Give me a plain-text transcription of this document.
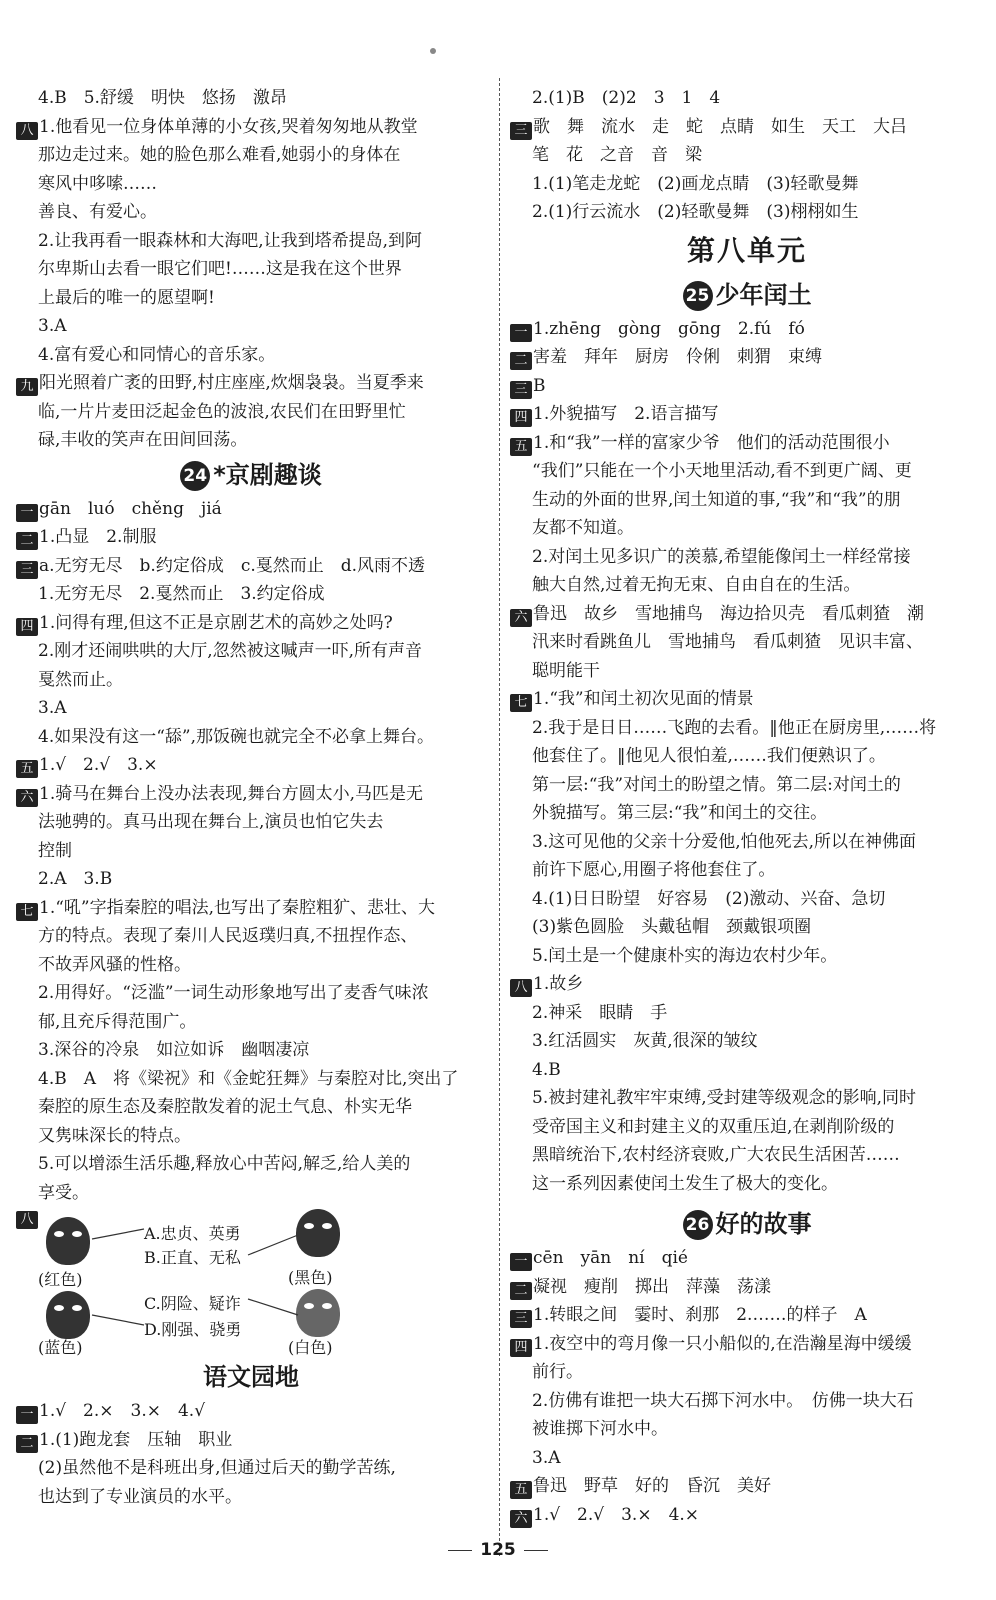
4.B　5.舒缓　明快　悠扬　激昂
八 1.他看见一位身体单薄的小女孩,哭着匆匆地从教堂
那边走过来。她的脸色那么难看,她弱小的身体在
寒风中哆嗦……
善良、有爱心。
2.让我再看一眼森林和大海吧,让我到塔希提岛,到阿
尔卑斯山去看一眼它们吧!……这是我在这个世界
上最后的唯一的愿望啊!
3.A
4.富有爱心和同情心的音乐家。
九 阳光照着广袤的田野,村庄座座,炊烟袅袅。当夏季来
临,一片片麦田泛起金色的波浪,农民们在田野里忙
碌,丰收的笑声在田间回荡。
24 *京剧趣谈
一 gān　luó　chěng　jiá
二 1.凸显　2.制服
三 a.无穷无尽　b.约定俗成　c.戛然而止　d.风雨不透
1.无穷无尽　2.戛然而止　3.约定俗成
四 1.问得有理,但这不正是京剧艺术的高妙之处吗?
2.刚才还闹哄哄的大厅,忽然被这喊声一吓,所有声音
戛然而止。
3.A
4.如果没有这一“舔”,那饭碗也就完全不必拿上舞台。
五 1.√　2.√　3.×
六 1.骑马在舞台上没办法表现,舞台方圆太小,马匹是无
法驰骋的。真马出现在舞台上,演员也怕它失去
控制
2.A　3.B
七 1.“吼”字指秦腔的唱法,也写出了秦腔粗犷、悲壮、大
方的特点。表现了秦川人民返璞归真,不扭捏作态、
不故弄风骚的性格。
2.用得好。“泛滥”一词生动形象地写出了麦香气味浓
郁,且充斥得范围广。
3.深谷的冷泉　如泣如诉　幽咽凄凉
4.B　A　将《梁祝》和《金蛇狂舞》与秦腔对比,突出了
秦腔的原生态及秦腔散发着的泥土气息、朴实无华
又隽味深长的特点。
5.可以增添生活乐趣,释放心中苦闷,解乏,给人美的
享受。
八
(红色)
(蓝色)
A.忠贞、英勇
B.正直、无私
C.阴险、疑诈
D.刚强、骁勇
(黑色)
(白色)
语文园地
一 1.√　2.×　3.×　4.√
二 1.(1)跑龙套　压轴　职业
(2)虽然他不是科班出身,但通过后天的勤学苦练,
也达到了专业演员的水平。
2.(1)B　(2)2　3　1　4
三 歌　舞　流水　走　蛇　点睛　如生　天工　大吕
笔　花　之音　音　梁
1.(1)笔走龙蛇　(2)画龙点睛　(3)轻歌曼舞
2.(1)行云流水　(2)轻歌曼舞　(3)栩栩如生
第八单元
25 少年闰土
一 1.zhēng　gòng　gōng　2.fú　fó
二 害羞　拜年　厨房　伶俐　刺猬　束缚
三 B
四 1.外貌描写　2.语言描写
五 1.和“我”一样的富家少爷　他们的活动范围很小
“我们”只能在一个小天地里活动,看不到更广阔、更
生动的外面的世界,闰土知道的事,“我”和“我”的朋
友都不知道。
2.对闰土见多识广的羡慕,希望能像闰土一样经常接
触大自然,过着无拘无束、自由自在的生活。
六 鲁迅　故乡　雪地捕鸟　海边拾贝壳　看瓜刺猹　潮
汛来时看跳鱼儿　雪地捕鸟　看瓜刺猹　见识丰富、
聪明能干
七 1.“我”和闰土初次见面的情景
2.我于是日日……飞跑的去看。‖他正在厨房里,……将
他套住了。‖他见人很怕羞,……我们便熟识了。
第一层:“我”对闰土的盼望之情。第二层:对闰土的
外貌描写。第三层:“我”和闰土的交往。
3.这可见他的父亲十分爱他,怕他死去,所以在神佛面
前许下愿心,用圈子将他套住了。
4.(1)日日盼望　好容易　(2)激动、兴奋、急切
(3)紫色圆脸　头戴毡帽　颈戴银项圈
5.闰土是一个健康朴实的海边农村少年。
八 1.故乡
2.神采　眼睛　手
3.红活圆实　灰黄,很深的皱纹
4.B
5.被封建礼教牢牢束缚,受封建等级观念的影响,同时
受帝国主义和封建主义的双重压迫,在剥削阶级的
黑暗统治下,农村经济衰败,广大农民生活困苦……
这一系列因素使闰土发生了极大的变化。
26 好的故事
一 cēn　yān　ní　qié
二 凝视　瘦削　掷出　萍藻　荡漾
三 1.转眼之间　霎时、刹那　2.……的样子　A
四 1.夜空中的弯月像一只小船似的,在浩瀚星海中缓缓
前行。
2.仿佛有谁把一块大石掷下河水中。　仿佛一块大石
被谁掷下河水中。
3.A
五 鲁迅　野草　好的　昏沉　美好
六 1.√　2.√　3.×　4.×
125
